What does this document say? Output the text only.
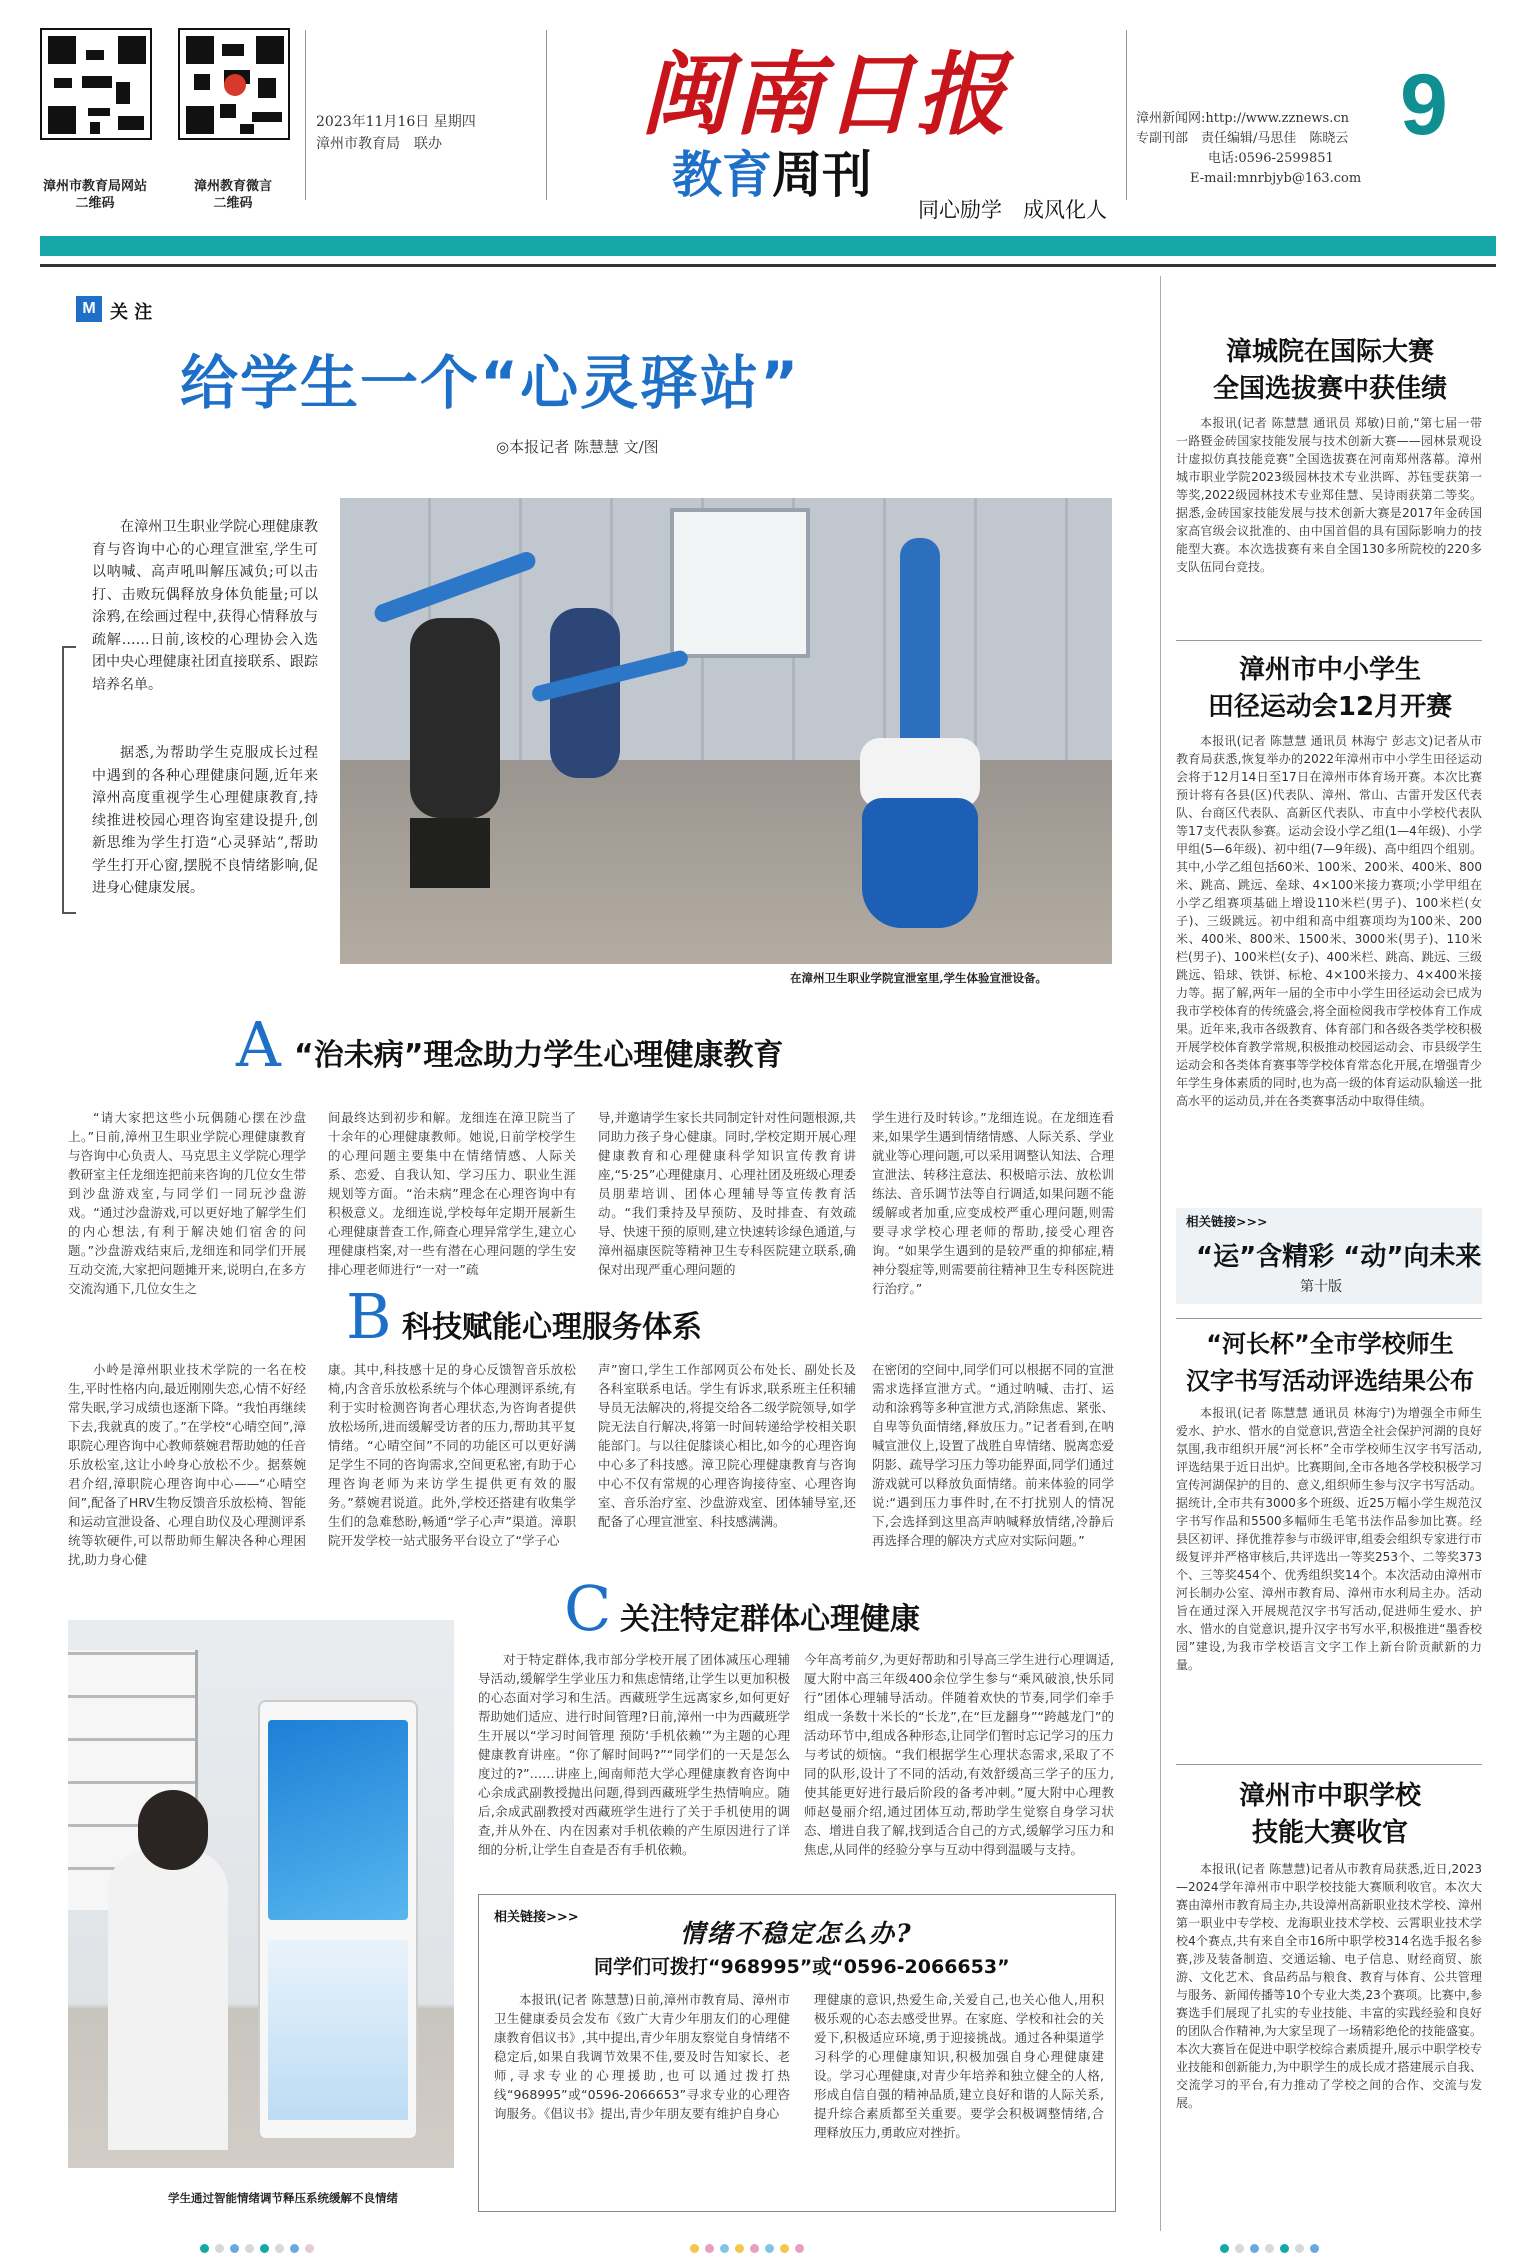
漳州市教育局网站
二维码
漳州教育微言
二维码
2023年11月16日 星期四
漳州市教育局　联办 闽南日报
教育周刊
同心励学　成风化人
漳州新闻网:http://www.zznews.cn
专副刊部　责任编辑/马思佳　陈晓云
电话:0596-2599851
E-mail:mnrbjyb@163.com
9
M 关 注
给学生一个“心灵驿站”
◎本报记者 陈慧慧 文/图
在漳州卫生职业学院心理健康教育与咨询中心的心理宣泄室,学生可以呐喊、高声吼叫解压减负;可以击打、击败玩偶释放身体负能量;可以涂鸦,在绘画过程中,获得心情释放与疏解……日前,该校的心理协会入选团中央心理健康社团直接联系、跟踪培养名单。
据悉,为帮助学生克服成长过程中遇到的各种心理健康问题,近年来漳州高度重视学生心理健康教育,持续推进校园心理咨询室建设提升,创新思维为学生打造“心灵驿站”,帮助学生打开心窗,摆脱不良情绪影响,促进身心健康发展。
在漳州卫生职业学院宣泄室里,学生体验宣泄设备。
A “治未病”理念助力学生心理健康教育
“请大家把这些小玩偶随心摆在沙盘上。”日前,漳州卫生职业学院心理健康教育与咨询中心负责人、马克思主义学院心理学教研室主任龙细连把前来咨询的几位女生带到沙盘游戏室,与同学们一同玩沙盘游戏。“通过沙盘游戏,可以更好地了解学生们的内心想法,有利于解决她们宿舍的问题。”沙盘游戏结束后,龙细连和同学们开展互动交流,大家把问题摊开来,说明白,在多方交流沟通下,几位女生之
间最终达到初步和解。龙细连在漳卫院当了十余年的心理健康教师。她说,日前学校学生的心理问题主要集中在情绪情感、人际关系、恋爱、自我认知、学习压力、职业生涯规划等方面。“治未病”理念在心理咨询中有积极意义。龙细连说,学校每年定期开展新生心理健康普查工作,筛查心理异常学生,建立心理健康档案,对一些有潜在心理问题的学生安排心理老师进行“一对一”疏
导,并邀请学生家长共同制定针对性问题根源,共同助力孩子身心健康。同时,学校定期开展心理健康教育和心理健康科学知识宣传教育讲座,“5·25”心理健康月、心理社团及班级心理委员朋辈培训、团体心理辅导等宣传教育活动。“我们秉持及早预防、及时排查、有效疏导、快速干预的原则,建立快速转诊绿色通道,与漳州福康医院等精神卫生专科医院建立联系,确保对出现严重心理问题的
学生进行及时转诊。”龙细连说。在龙细连看来,如果学生遇到情绪情感、人际关系、学业就业等心理问题,可以采用调整认知法、合理宣泄法、转移注意法、积极暗示法、放松训练法、音乐调节法等自行调适,如果问题不能缓解或者加重,应变成校严重心理问题,则需要寻求学校心理老师的帮助,接受心理咨询。“如果学生遇到的是较严重的抑郁症,精神分裂症等,则需要前往精神卫生专科医院进行治疗。”
B 科技赋能心理服务体系
小岭是漳州职业技术学院的一名在校生,平时性格内向,最近刚刚失恋,心情不好经常失眠,学习成绩也逐渐下降。“我怕再继续下去,我就真的废了。”在学校“心晴空间”,漳职院心理咨询中心教师蔡婉君帮助她的任音乐放松室,这让小岭身心放松不少。据蔡婉君介绍,漳职院心理咨询中心——“心晴空间”,配备了HRV生物反馈音乐放松椅、智能和运动宣泄设备、心理自助仪及心理测评系统等软硬件,可以帮助师生解决各种心理困扰,助力身心健
康。其中,科技感十足的身心反馈智音乐放松椅,内含音乐放松系统与个体心理测评系统,有利于实时检测咨询者心理状态,为咨询者提供放松场所,进而缓解受访者的压力,帮助其平复情绪。“心晴空间”不同的功能区可以更好满足学生不同的咨询需求,空间更私密,有助于心理咨询老师为来访学生提供更有效的服务。”蔡婉君说道。此外,学校还搭建有收集学生们的急难愁盼,畅通“学子心声”渠道。漳职院开发学校一站式服务平台设立了“学子心
声”窗口,学生工作部网页公布处长、副处长及各科室联系电话。学生有诉求,联系班主任积辅导员无法解决的,将提交给各二级学院领导,如学院无法自行解决,将第一时间转递给学校相关职能部门。与以往促膝谈心相比,如今的心理咨询中心多了科技感。漳卫院心理健康教育与咨询中心不仅有常规的心理咨询接待室、心理咨询室、音乐治疗室、沙盘游戏室、团体辅导室,还配备了心理宣泄室、科技感满满。
在密闭的空间中,同学们可以根据不同的宣泄需求选择宣泄方式。“通过呐喊、击打、运动和涂鸦等多种宣泄方式,消除焦虑、紧张、自卑等负面情绪,释放压力。”记者看到,在呐喊宣泄仪上,设置了战胜自卑情绪、脱离恋爱阴影、疏导学习压力等功能界面,同学们通过游戏就可以释放负面情绪。前来体验的同学说:“遇到压力事件时,在不打扰别人的情况下,会选择到这里高声呐喊释放情绪,冷静后再选择合理的解决方式应对实际问题。”
C 关注特定群体心理健康
学生通过智能情绪调节释压系统缓解不良情绪
对于特定群体,我市部分学校开展了团体减压心理辅导活动,缓解学生学业压力和焦虑情绪,让学生以更加积极的心态面对学习和生活。西藏班学生远离家乡,如何更好帮助她们适应、进行时间管理?日前,漳州一中为西藏班学生开展以“学习时间管理 预防‘手机依赖’”为主题的心理健康教育讲座。“你了解时间吗?”“同学们的一天是怎么度过的?”……讲座上,闽南师范大学心理健康教育咨询中心余成武副教授抛出问题,得到西藏班学生热情响应。随后,余成武副教授对西藏班学生进行了关于手机使用的调查,并从外在、内在因素对手机依赖的产生原因进行了详细的分析,让学生自查是否有手机依赖。
今年高考前夕,为更好帮助和引导高三学生进行心理调适,厦大附中高三年级400余位学生参与“乘风破浪,快乐同行”团体心理辅导活动。伴随着欢快的节奏,同学们牵手组成一条数十米长的“长龙”,在“巨龙翻身”“跨越龙门”的活动环节中,组成各种形态,让同学们暂时忘记学习的压力与考试的烦恼。“我们根据学生心理状态需求,采取了不同的队形,设计了不同的活动,有效舒缓高三学子的压力,使其能更好进行最后阶段的备考冲刺。”厦大附中心理教师赵曼丽介绍,通过团体互动,帮助学生觉察自身学习状态、增进自我了解,找到适合自己的方式,缓解学习压力和焦虑,从同伴的经验分享与互动中得到温暖与支持。
相关链接>>>
情绪不稳定怎么办?
同学们可拨打“968995”或“0596-2066653”
本报讯(记者 陈慧慧)日前,漳州市教育局、漳州市卫生健康委员会发布《致广大青少年朋友们的心理健康教育倡议书》,其中提出,青少年朋友察觉自身情绪不稳定后,如果自我调节效果不佳,要及时告知家长、老师,寻求专业的心理援助,也可以通过拨打热线“968995”或“0596-2066653”寻求专业的心理咨询服务。《倡议书》提出,青少年朋友要有维护自身心
理健康的意识,热爱生命,关爱自己,也关心他人,用积极乐观的心态去感受世界。在家庭、学校和社会的关爱下,积极适应环境,勇于迎接挑战。通过各种渠道学习科学的心理健康知识,积极加强自身心理健康建设。学习心理健康,对青少年培养和独立健全的人格,形成自信自强的精神品质,建立良好和谐的人际关系,提升综合素质都至关重要。要学会积极调整情绪,合理释放压力,勇敢应对挫折。
漳城院在国际大赛
全国选拔赛中获佳绩
本报讯(记者 陈慧慧 通讯员 郑敏)日前,“第七届一带一路暨金砖国家技能发展与技术创新大赛——园林景观设计虚拟仿真技能竞赛”全国选拔赛在河南郑州落幕。漳州城市职业学院2023级园林技术专业洪晖、苏钰雯获第一等奖,2022级园林技术专业郑佳慧、吴诗雨获第二等奖。据悉,金砖国家技能发展与技术创新大赛是2017年金砖国家高官级会议批准的、由中国首倡的具有国际影响力的技能型大赛。本次选拔赛有来自全国130多所院校的220多支队伍同台竞技。
漳州市中小学生
田径运动会12月开赛
本报讯(记者 陈慧慧 通讯员 林海宁 彭志文)记者从市教育局获悉,恢复举办的2022年漳州市中小学生田径运动会将于12月14日至17日在漳州市体育场开赛。本次比赛预计将有各县(区)代表队、漳州、常山、古雷开发区代表队、台商区代表队、高新区代表队、市直中小学校代表队等17支代表队参赛。运动会设小学乙组(1—4年级)、小学甲组(5—6年级)、初中组(7—9年级)、高中组四个组别。其中,小学乙组包括60米、100米、200米、400米、800米、跳高、跳远、垒球、4×100米接力赛项;小学甲组在小学乙组赛项基础上增设110米栏(男子)、100米栏(女子)、三级跳远。初中组和高中组赛项均为100米、200米、400米、800米、1500米、3000米(男子)、110米栏(男子)、100米栏(女子)、400米栏、跳高、跳远、三级跳远、铅球、铁饼、标枪、4×100米接力、4×400米接力等。据了解,两年一届的全市中小学生田径运动会已成为我市学校体育的传统盛会,将全面检阅我市学校体育工作成果。近年来,我市各级教育、体育部门和各级各类学校积极开展学校体育教学常规,积极推动校园运动会、市县级学生运动会和各类体育赛事等学校体育常态化开展,在增强青少年学生身体素质的同时,也为高一级的体育运动队输送一批高水平的运动员,并在各类赛事活动中取得佳绩。
相关链接>>>
“运”含精彩 “动”向未来
第十版
“河长杯”全市学校师生
汉字书写活动评选结果公布
本报讯(记者 陈慧慧 通讯员 林海宁)为增强全市师生爱水、护水、惜水的自觉意识,营造全社会保护河湖的良好氛围,我市组织开展“河长杯”全市学校师生汉字书写活动,评选结果于近日出炉。比赛期间,全市各地各学校积极学习宣传河湖保护的目的、意义,组织师生参与汉字书写活动。据统计,全市共有3000多个班级、近25万幅小学生规范汉字书写作品和5500多幅师生毛笔书法作品参加比赛。经县区初评、择优推荐参与市级评审,组委会组织专家进行市级复评并严格审核后,共评选出一等奖253个、二等奖373个、三等奖454个、优秀组织奖14个。本次活动由漳州市河长制办公室、漳州市教育局、漳州市水利局主办。活动旨在通过深入开展规范汉字书写活动,促进师生爱水、护水、惜水的自觉意识,提升汉字书写水平,积极推进“墨香校园”建设,为我市学校语言文字工作上新台阶贡献新的力量。
漳州市中职学校
技能大赛收官
本报讯(记者 陈慧慧)记者从市教育局获悉,近日,2023—2024学年漳州市中职学校技能大赛顺利收官。本次大赛由漳州市教育局主办,共设漳州高新职业技术学校、漳州第一职业中专学校、龙海职业技术学校、云霄职业技术学校4个赛点,共有来自全市16所中职学校314名选手报名参赛,涉及装备制造、交通运输、电子信息、财经商贸、旅游、文化艺术、食品药品与粮食、教育与体育、公共管理与服务、新闻传播等10个专业大类,23个赛项。比赛中,参赛选手们展现了扎实的专业技能、丰富的实践经验和良好的团队合作精神,为大家呈现了一场精彩绝伦的技能盛宴。本次大赛旨在促进中职学校综合素质提升,展示中职学校专业技能和创新能力,为中职学生的成长成才搭建展示自我、交流学习的平台,有力推动了学校之间的合作、交流与发展。
